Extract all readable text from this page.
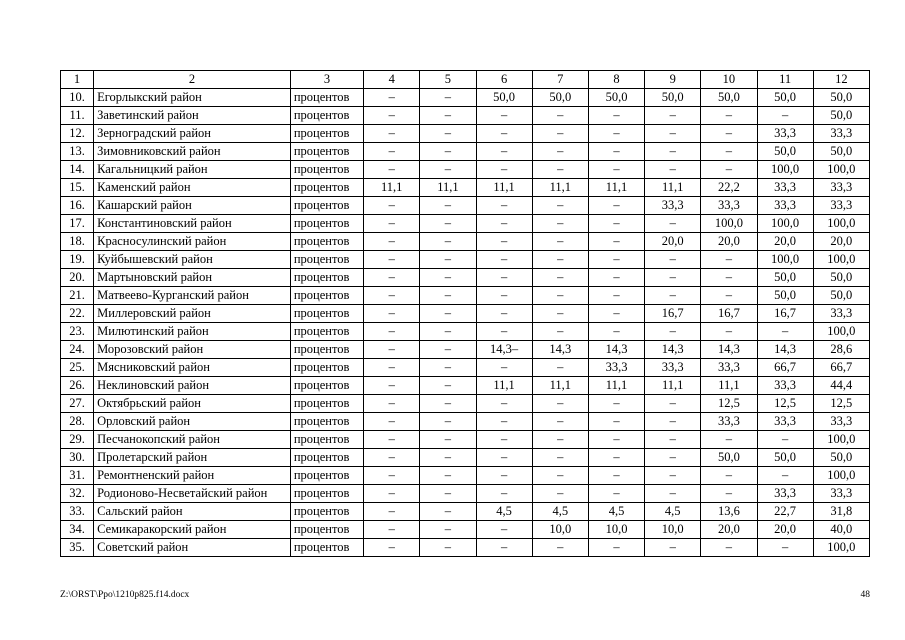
1	2	3	4	5	6	7	8	9	10	11	12
10.	Егорлыкский район	процентов	–	–	50,0	50,0	50,0	50,0	50,0	50,0	50,0
11.	Заветинский район	процентов	–	–	–	–	–	–	–	–	50,0
12.	Зерноградский район	процентов	–	–	–	–	–	–	–	33,3	33,3
13.	Зимовниковский район	процентов	–	–	–	–	–	–	–	50,0	50,0
14.	Кагальницкий район	процентов	–	–	–	–	–	–	–	100,0	100,0
15.	Каменский район	процентов	11,1	11,1	11,1	11,1	11,1	11,1	22,2	33,3	33,3
16.	Кашарский район	процентов	–	–	–	–	–	33,3	33,3	33,3	33,3
17.	Константиновский район	процентов	–	–	–	–	–	–	100,0	100,0	100,0
18.	Красносулинский район	процентов	–	–	–	–	–	20,0	20,0	20,0	20,0
19.	Куйбышевский район	процентов	–	–	–	–	–	–	–	100,0	100,0
20.	Мартыновский район	процентов	–	–	–	–	–	–	–	50,0	50,0
21.	Матвеево-Курганский район	процентов	–	–	–	–	–	–	–	50,0	50,0
22.	Миллеровский район	процентов	–	–	–	–	–	16,7	16,7	16,7	33,3
23.	Милютинский район	процентов	–	–	–	–	–	–	–	–	100,0
24.	Морозовский район	процентов	–	–	14,3–	14,3	14,3	14,3	14,3	14,3	28,6
25.	Мясниковский район	процентов	–	–	–	–	33,3	33,3	33,3	66,7	66,7
26.	Неклиновский район	процентов	–	–	11,1	11,1	11,1	11,1	11,1	33,3	44,4
27.	Октябрьский район	процентов	–	–	–	–	–	–	12,5	12,5	12,5
28.	Орловский район	процентов	–	–	–	–	–	–	33,3	33,3	33,3
29.	Песчанокопский район	процентов	–	–	–	–	–	–	–	–	100,0
30.	Пролетарский район	процентов	–	–	–	–	–	–	50,0	50,0	50,0
31.	Ремонтненский район	процентов	–	–	–	–	–	–	–	–	100,0
32.	Родионово-Несветайский район	процентов	–	–	–	–	–	–	–	33,3	33,3
33.	Сальский район	процентов	–	–	4,5	4,5	4,5	4,5	13,6	22,7	31,8
34.	Семикаракорский район	процентов	–	–	–	10,0	10,0	10,0	20,0	20,0	40,0
35.	Советский район	процентов	–	–	–	–	–	–	–	–	100,0
Z:\ORST\Ppo\1210p825.f14.docx	48
